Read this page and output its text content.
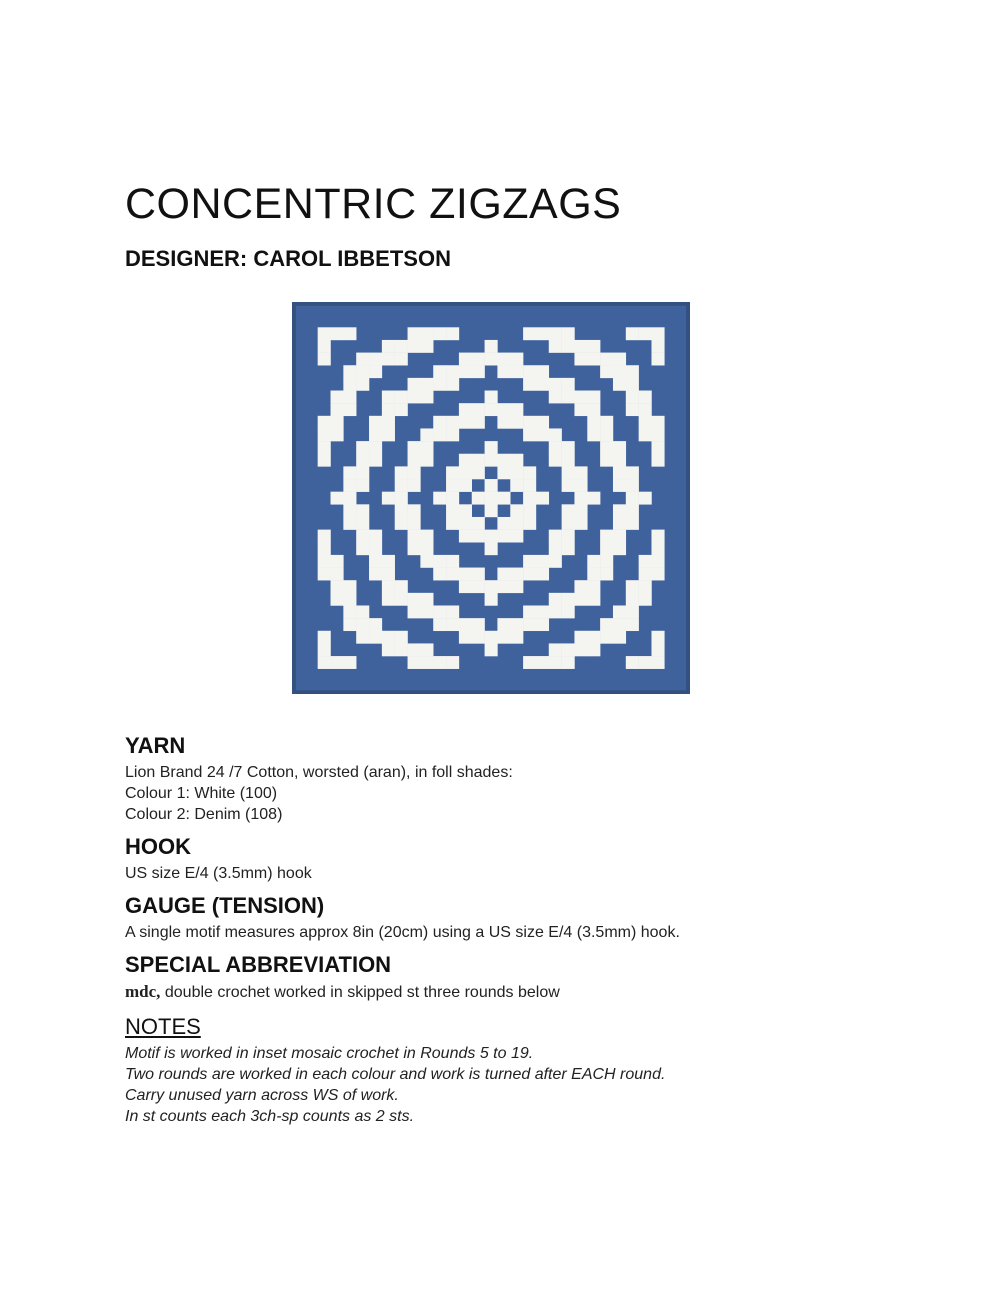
CONCENTRIC ZIGZAGS
DESIGNER: CAROL IBBETSON
YARN

Lion Brand 24 /7 Cotton, worsted (aran), in foll shades:
Colour 1: White (100)
Colour 2: Denim (108)

HOOK

US size E/4 (3.5mm) hook

GAUGE (TENSION)

A single motif measures approx 8in (20cm) using a US size E/4 (3.5mm) hook.

SPECIAL ABBREVIATION

mdc, double crochet worked in skipped st three rounds below

NOTES

Motif is worked in inset mosaic crochet in Rounds 5 to 19.
Two rounds are worked in each colour and work is turned after EACH round.
Carry unused yarn across WS of work.
In st counts each 3ch-sp counts as 2 sts.
